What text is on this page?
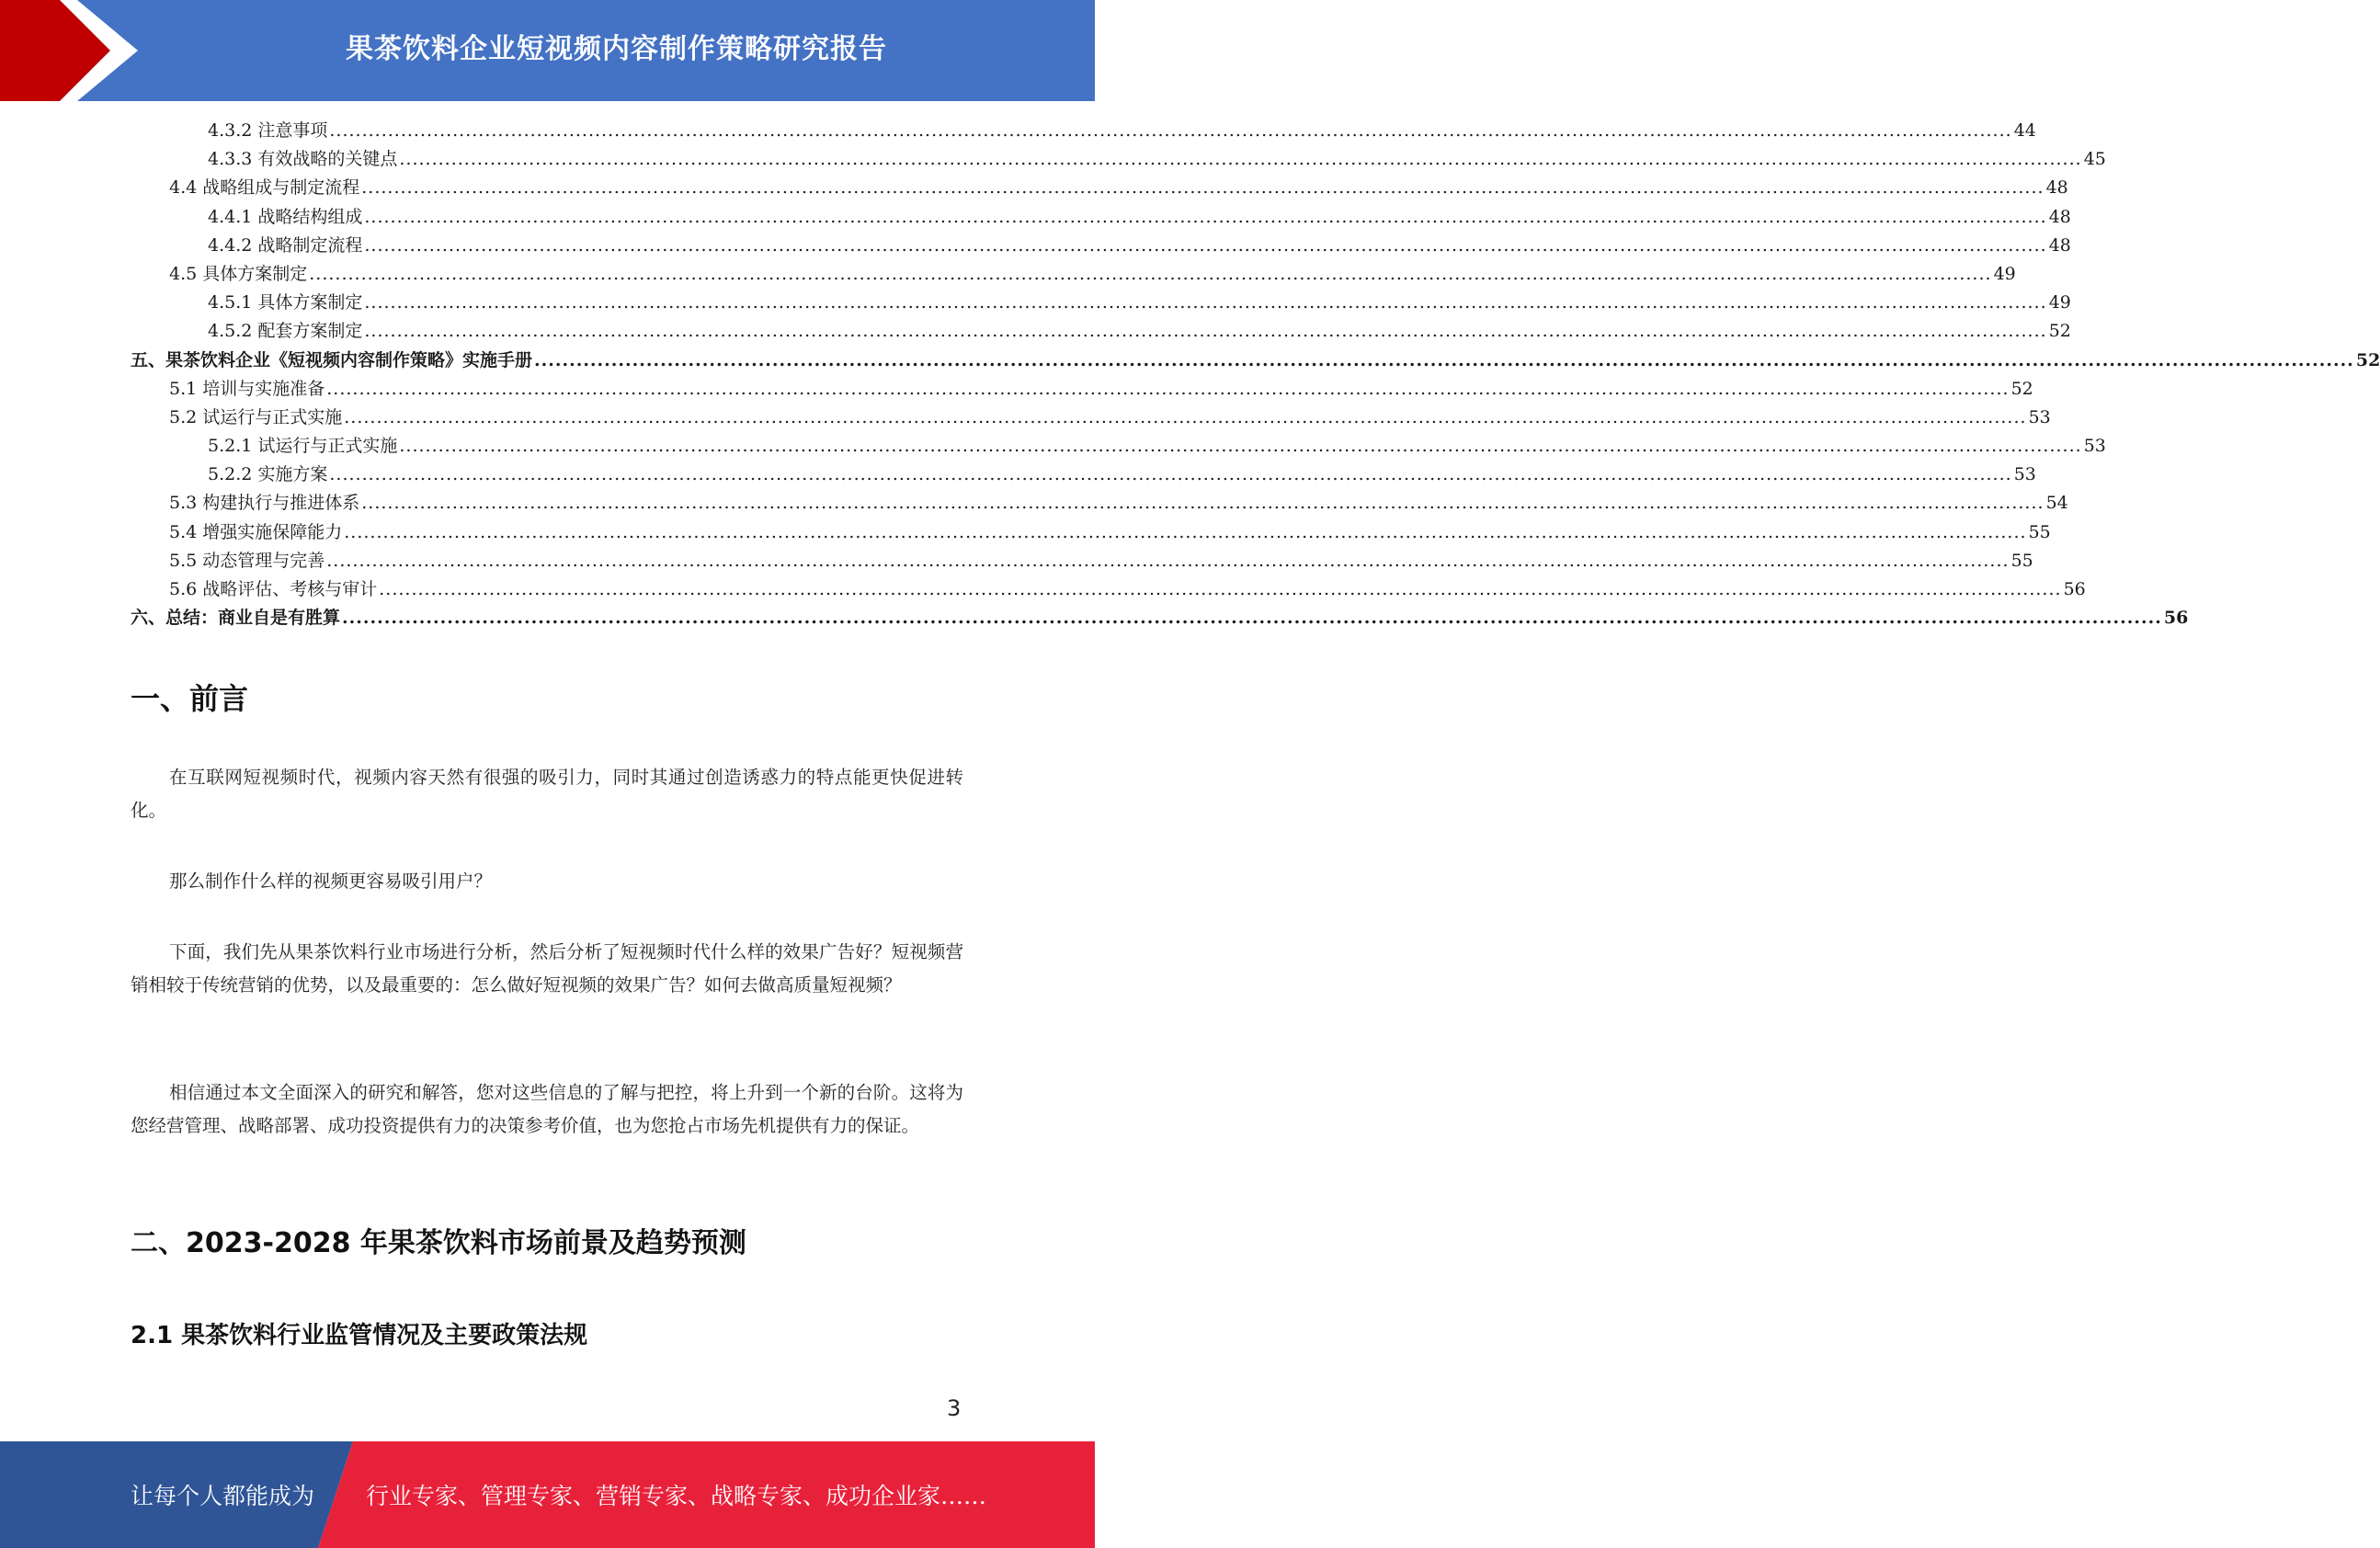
果茶饮料企业短视频内容制作策略研究报告
4.3.2 注意事项 .................................................................................................................................................................................................................................................................... 44
4.3.3 有效战略的关键点 .................................................................................................................................................................................................................................................................... 45
4.4 战略组成与制定流程 .................................................................................................................................................................................................................................................................... 48
4.4.1 战略结构组成 .................................................................................................................................................................................................................................................................... 48
4.4.2 战略制定流程 .................................................................................................................................................................................................................................................................... 48
4.5 具体方案制定 .................................................................................................................................................................................................................................................................... 49
4.5.1 具体方案制定 .................................................................................................................................................................................................................................................................... 49
4.5.2 配套方案制定 .................................................................................................................................................................................................................................................................... 52
五、果茶饮料企业《短视频内容制作策略》实施手册 .................................................................................................................................................................................................................................................................... 52
5.1 培训与实施准备 .................................................................................................................................................................................................................................................................... 52
5.2 试运行与正式实施 .................................................................................................................................................................................................................................................................... 53
5.2.1 试运行与正式实施 .................................................................................................................................................................................................................................................................... 53
5.2.2 实施方案 .................................................................................................................................................................................................................................................................... 53
5.3 构建执行与推进体系 .................................................................................................................................................................................................................................................................... 54
5.4 增强实施保障能力 .................................................................................................................................................................................................................................................................... 55
5.5 动态管理与完善 .................................................................................................................................................................................................................................................................... 55
5.6 战略评估、考核与审计 .................................................................................................................................................................................................................................................................... 56
六、总结：商业自是有胜算 .................................................................................................................................................................................................................................................................... 56
一、前言

在互联网短视频时代，视频内容天然有很强的吸引力，同时其通过创造诱惑力的特点能更快促进转化。

那么制作什么样的视频更容易吸引用户？

下面，我们先从果茶饮料行业市场进行分析，然后分析了短视频时代什么样的效果广告好？短视频营销相较于传统营销的优势，以及最重要的：怎么做好短视频的效果广告？如何去做高质量短视频？

相信通过本文全面深入的研究和解答，您对这些信息的了解与把控，将上升到一个新的台阶。这将为您经营管理、战略部署、成功投资提供有力的决策参考价值，也为您抢占市场先机提供有力的保证。

二、2023-2028 年果茶饮料市场前景及趋势预测
2.1 果茶饮料行业监管情况及主要政策法规
3
让每个人都能成为 行业专家、管理专家、营销专家、战略专家、成功企业家……
